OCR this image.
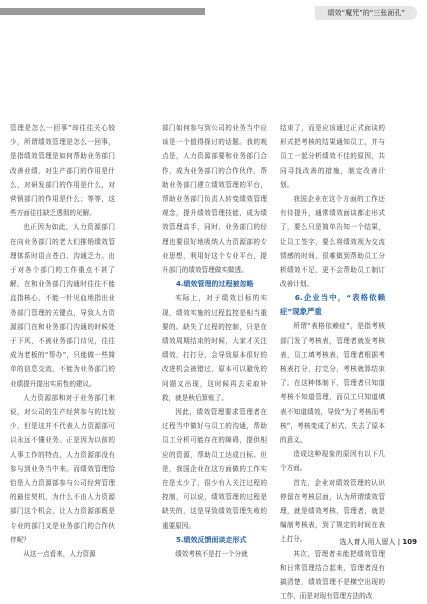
绩效“魔咒”的“三张面孔”

管理是怎么一回事”却往往关心较少，所谓绩效管理是怎么一回事，是指绩效管理是如何帮助业务部门改善业绩，对生产部门的作用是什么，对研发部门的作用是什么，对营销部门的作用是什么；等等，这些方面往往缺乏透彻的见解。

也正因为如此，人力资源部门在向业务部门的老大们推销绩效管理体系时语言苍白、沟通乏力。由于对各个部门的工作重点不甚了解，在和业务部门沟通时往往不能直指核心，不能一针见血地指出业务部门管理的关键点，导致人力资源部门在和业务部门沟通的时候处于下风，不被业务部门待见，往往成为老板的“帮办”，只能做一些简单的信息交流，不能为业务部门的业绩提升提出实质性的建议。

人力资源部和对于业务部门来说，对公司的生产经营参与的比较少，但是这并不代表人力资源部可以永远不懂业务。正是因为以前的人事工作的特点，人力资源部没有参与到业务当中来。而绩效管理恰恰是人力资源部参与公司经营管理的最佳契机，为什么不由人力资源部门这个机会，让人力资源部既是专业的部门又是业务部门的合作伙伴呢？

从这一点看来，人力资源

部门如何参与到公司的业务当中应该是一个值得探讨的话题。我的观点是，人力资源部要和业务部门合作，成为业务部门的合作伙伴，帮助业务部门建立绩效管理的平台，帮助业务部门负责人转变绩效管理观念，提升绩效管理技能，成为绩效管理高手，同时，业务部门的经理也要很好地吸纳人力资源部的专业思想，利用好这个专业平台，提升部门的绩效管理做实做透。

4.绩效管理的过程被忽略

实际上，对于绩效目标的实现，绩效实施的过程监控是相当重要的。缺失了过程的控制，只是在绩效周期结束的时候，大家才关注绩效，打打分，会导致原本很好的改进机会被错过，原本可以避免的问题又出现，这时候再去采取补救，就是秋后算账了。

因此，绩效管理要求管理者在过程当中做好与员工的沟通，帮助员工分析可能存在的障碍，提供相应的资源，帮助员工达成目标。但是，我国企业在这方面做的工作实在是太少了，很少有人关注过程的控制，可以说，绩效管理的过程是缺失的，这是导致绩效管理失败的重要原因。

5.绩效反馈面谈走形式

绩效考核不是打一个分就

结束了，而是应该通过正式面谈的形式把考核的结果通知员工，并与员工一起分析绩效不佳的原因，共同寻找改善的措施，制定改善计划。

我国企业在这个方面的工作还有待提升，通常绩效面谈都走形式了，要么只是简单告知一个结果，让员工签字，要么将绩效视为交流情感的时间，很难做到帮助员工分析绩效不足，更不会帮助员工制订改善计划。

6.企业当中，“表格依赖症”现象严重

所谓“表格依赖症”，是指考核部门发了考核表，管理者就发考核表，员工填考核表，管理者根据考核表打分，打完分，考核就算结束了。在这种体制下，管理者只知道考核不知道管理，而员工只知道填表不知道绩效，导致“为了考核而考核”，考核变成了形式，失去了原本的意义。

造成这种现象的原因有以下几个方面。

首先，企业对绩效管理的认识停留在考核层面，认为所谓绩效管理，就是绩效考核，管理者，就是编制考核表，到了规定的时间在表上打分。

其次，管理者未能把绩效管理和日常管理结合起来，管理者没有搞清楚，绩效管理不是横空出现的工作，而是对现有管理方法的改

选人育人用人留人 | 109
